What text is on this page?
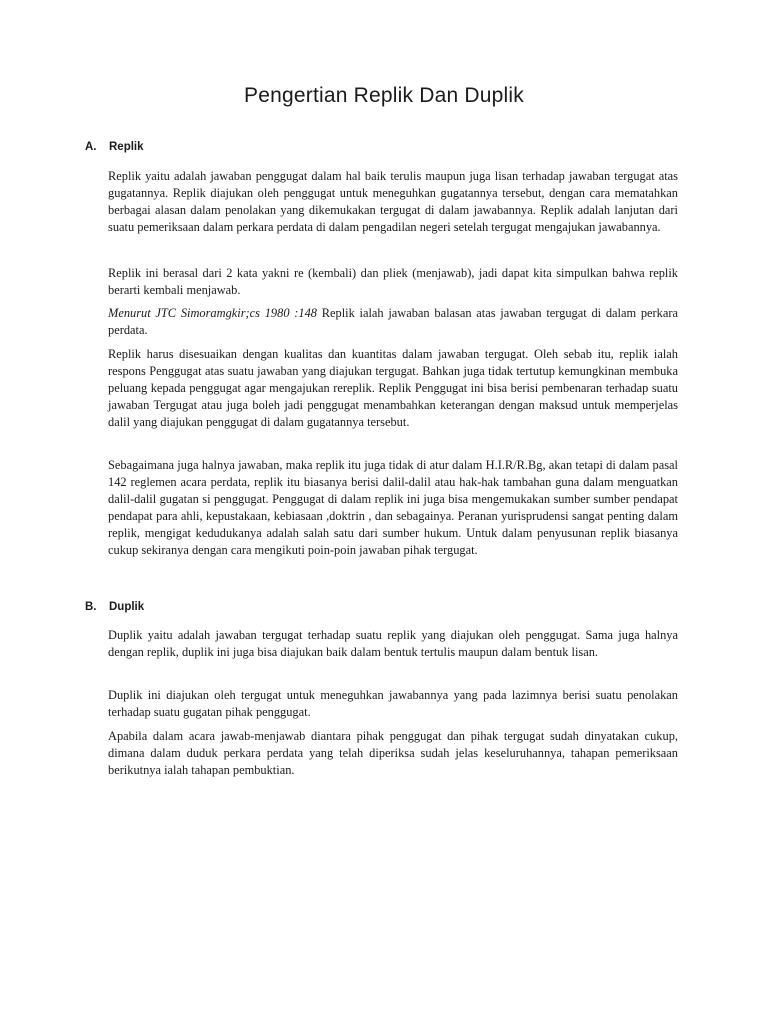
Pengertian Replik Dan Duplik
A. Replik

Replik yaitu adalah jawaban penggugat dalam hal baik terulis maupun juga lisan terhadap jawaban tergugat atas gugatannya. Replik diajukan oleh penggugat untuk meneguhkan gugatannya tersebut, dengan cara mematahkan berbagai alasan dalam penolakan yang dikemukakan tergugat di dalam jawabannya. Replik adalah lanjutan dari suatu pemeriksaan dalam perkara perdata di dalam pengadilan negeri setelah tergugat mengajukan jawabannya.

Replik ini berasal dari 2 kata yakni re (kembali) dan pliek (menjawab), jadi dapat kita simpulkan bahwa replik berarti kembali menjawab.

Menurut JTC Simoramgkir;cs 1980 :148 Replik ialah jawaban balasan atas jawaban tergugat di dalam perkara perdata.

Replik harus disesuaikan dengan kualitas dan kuantitas dalam jawaban tergugat. Oleh sebab itu, replik ialah respons Penggugat atas suatu jawaban yang diajukan tergugat. Bahkan juga tidak tertutup kemungkinan membuka peluang kepada penggugat agar mengajukan rereplik. Replik Penggugat ini bisa berisi pembenaran terhadap suatu jawaban Tergugat atau juga boleh jadi penggugat menambahkan keterangan dengan maksud untuk memperjelas dalil yang diajukan penggugat di dalam gugatannya tersebut.

Sebagaimana juga halnya jawaban, maka replik itu juga tidak di atur dalam H.I.R/R.Bg, akan tetapi di dalam pasal 142 reglemen acara perdata, replik itu biasanya berisi dalil-dalil atau hak-hak tambahan guna dalam menguatkan dalil-dalil gugatan si penggugat. Penggugat di dalam replik ini juga bisa mengemukakan sumber sumber pendapat pendapat para ahli, kepustakaan, kebiasaan ,doktrin , dan sebagainya. Peranan yurisprudensi sangat penting dalam replik, mengigat kedudukanya adalah salah satu dari sumber hukum. Untuk dalam penyusunan replik biasanya cukup sekiranya dengan cara mengikuti poin-poin jawaban pihak tergugat.

B. Duplik

Duplik yaitu adalah jawaban tergugat terhadap suatu replik yang diajukan oleh penggugat. Sama juga halnya dengan replik, duplik ini juga bisa diajukan baik dalam bentuk tertulis maupun dalam bentuk lisan.

Duplik ini diajukan oleh tergugat untuk meneguhkan jawabannya yang pada lazimnya berisi suatu penolakan terhadap suatu gugatan pihak penggugat.

Apabila dalam acara jawab-menjawab diantara pihak penggugat dan pihak tergugat sudah dinyatakan cukup, dimana dalam duduk perkara perdata yang telah diperiksa sudah jelas keseluruhannya, tahapan pemeriksaan berikutnya ialah tahapan pembuktian.
